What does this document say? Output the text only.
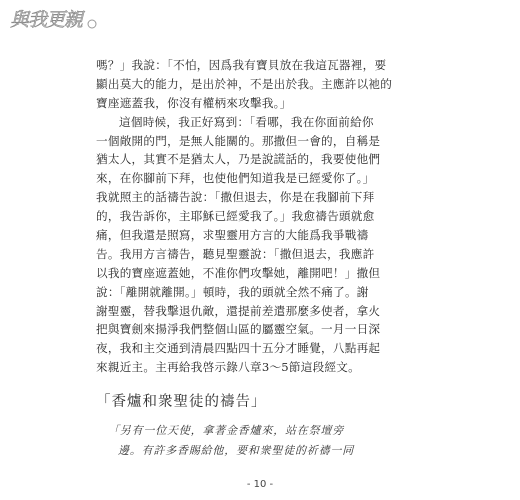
與我更親
嗎？」我說：「不怕，因爲我有寶貝放在我這瓦器裡，要
顯出莫大的能力，是出於神，不是出於我。主應許以祂的
寶座遮蓋我，你沒有權柄來攻擊我。」
這個時候，我正好寫到：「看哪，我在你面前給你
一個敞開的門，是無人能關的。那撒但一會的，自稱是
猶太人，其實不是猶太人，乃是說謊話的，我要使他們
來，在你腳前下拜，也使他們知道我是已經愛你了。」
我就照主的話禱告說：「撒但退去，你是在我腳前下拜
的，我告訴你，主耶穌已經愛我了。」我愈禱告頭就愈
痛，但我還是照寫，求聖靈用方言的大能爲我爭戰禱
告。我用方言禱告，聽見聖靈說：「撒但退去，我應許
以我的寶座遮蓋她，不准你們攻擊她，離開吧！」撒但
說：「離開就離開。」頓時，我的頭就全然不痛了。謝
謝聖靈，替我擊退仇敵，還提前差遣那麼多使者，拿火
把與寶劍來揚淨我們整個山區的屬靈空氣。一月一日深
夜，我和主交通到清晨四點四十五分才睡覺，八點再起
來親近主。主再給我啓示錄八章3～5節這段經文。
「香爐和衆聖徒的禱告」
「另有一位天使，拿著金香爐來，站在祭壇旁
邊。有許多香賜給他，要和衆聖徒的祈禱一同
- 10 -
